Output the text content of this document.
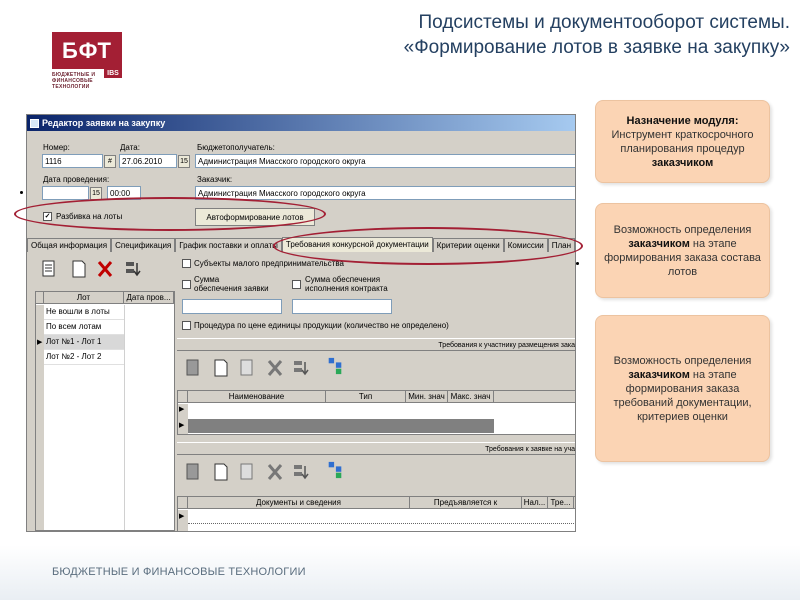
БФТ
IBS
БЮДЖЕТНЫЕ И ФИНАНСОВЫЕ ТЕХНОЛОГИИ
Подсистемы и документооборот системы.
«Формирование лотов в заявке на закупку»
БЮДЖЕТНЫЕ И ФИНАНСОВЫЕ ТЕХНОЛОГИИ
Назначение модуля:
Инструмент краткосрочного планирования процедур заказчиком
Возможность определения
заказчиком на этапе формирования заказа состава лотов
Возможность определения
заказчиком на этапе формирования заказа требований документации, критериев оценки
Редактор заявки на закупку
Номер:
1116	#
Дата:
27.06.2010	15
Бюджетополучатель:
Администрация Миасского городского округа
Дата проведения:
15	00:00
Заказчик:
Администрация Миасского городского округа
✓ Разбивка на лоты	Автоформирование лотов
Общая информация	Спецификация	График поставки и оплаты	Требования конкурсной документации	Критерии оценки	Комиссии	План
Лот	Дата пров...
Не вошли в лоты
По всем лотам
Лот №1 - Лот 1
Лот №2 - Лот 2
▶
Субъекты малого предпринимательства
Сумма обеспечения заявки
Сумма обеспечения исполнения контракта
Процедура по цене единицы продукции (количество не определено)
Требования к участнику размещения зака
Наименование	Тип	Мин. знач Макс. знач
▶
▶
Требования к заявке на уча
Документы и сведения	Предъявляется к	Нал... Тре...
▶
